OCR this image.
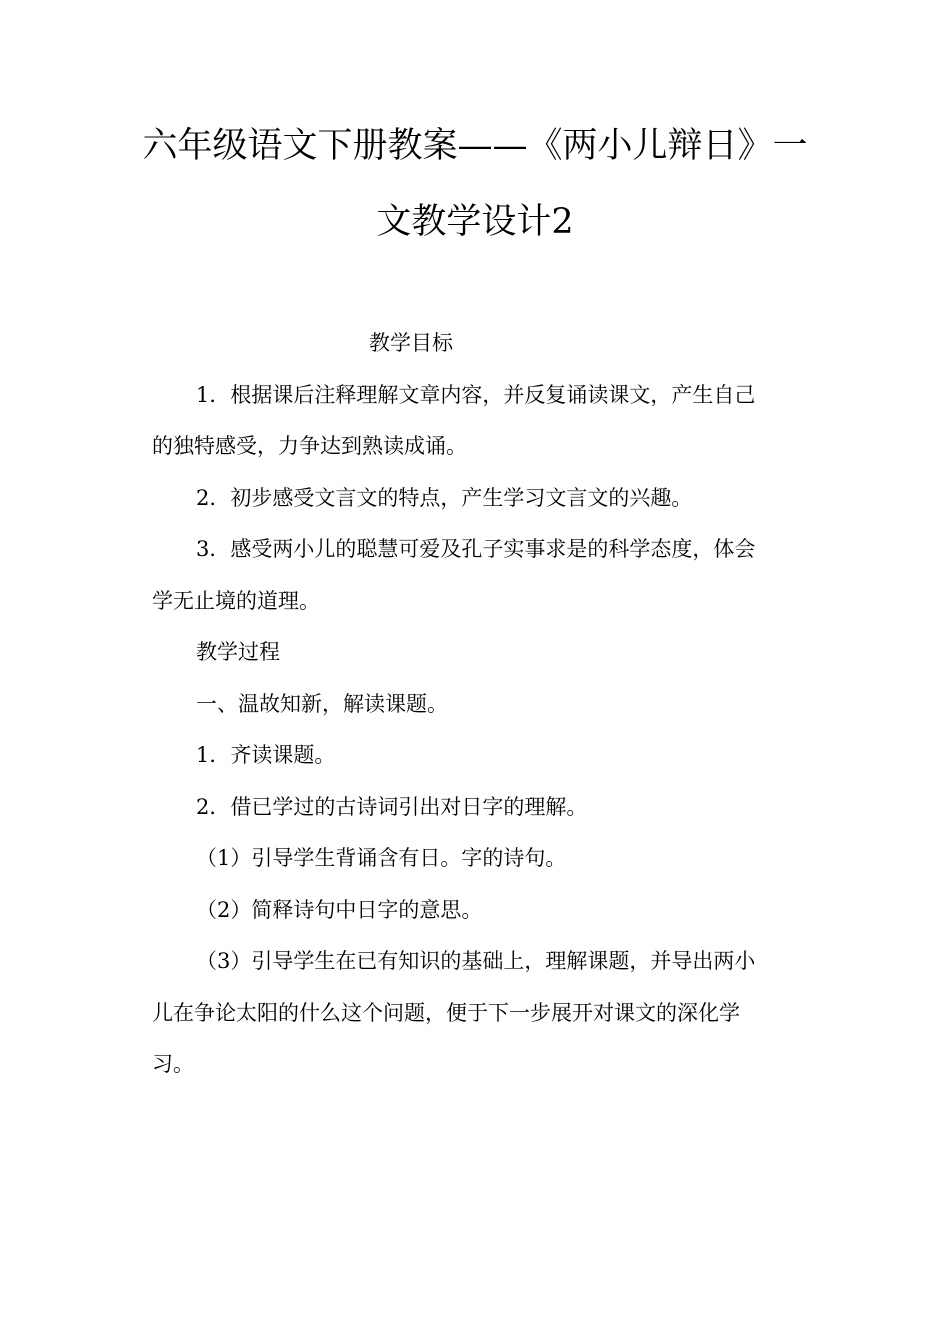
六年级语文下册教案——《两小儿辩日》一
文教学设计2
教学目标
1．根据课后注释理解文章内容，并反复诵读课文，产生自己
的独特感受，力争达到熟读成诵。
2．初步感受文言文的特点，产生学习文言文的兴趣。
3．感受两小儿的聪慧可爱及孔子实事求是的科学态度，体会
学无止境的道理。
教学过程
一、温故知新，解读课题。
1．齐读课题。
2．借已学过的古诗词引出对日字的理解。
（1）引导学生背诵含有日。字的诗句。
（2）简释诗句中日字的意思。
（3）引导学生在已有知识的基础上，理解课题，并导出两小
儿在争论太阳的什么这个问题，便于下一步展开对课文的深化学
习。
